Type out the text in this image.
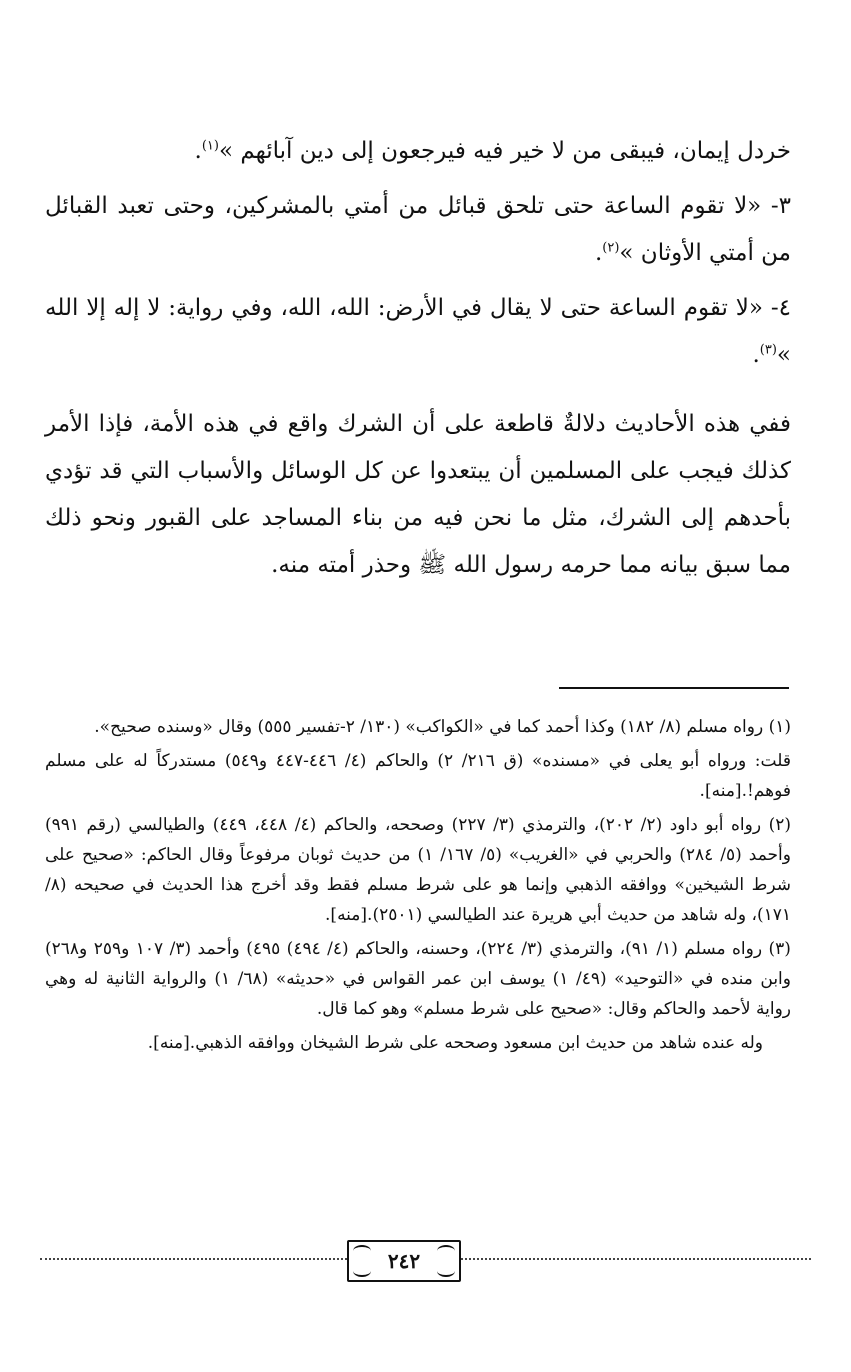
خردل إيمان، فيبقى من لا خير فيه فيرجعون إلى دين آبائهم »$^{(١)}$.

٣- «لا تقوم الساعة حتى تلحق قبائل من أمتي بالمشركين، وحتى تعبد القبائل من أمتي الأوثان »$^{(٢)}$.

٤- «لا تقوم الساعة حتى لا يقال في الأرض: الله، الله، وفي رواية: لا إله إلا الله »$^{(٣)}$.

ففي هذه الأحاديث دلالةٌ قاطعة على أن الشرك واقع في هذه الأمة، فإذا الأمر كذلك فيجب على المسلمين أن يبتعدوا عن كل الوسائل والأسباب التي قد تؤدي بأحدهم إلى الشرك، مثل ما نحن فيه من بناء المساجد على القبور ونحو ذلك مما سبق بيانه مما حرمه رسول الله ﷺ وحذر أمته منه.

(١) رواه مسلم (٨/ ١٨٢) وكذا أحمد كما في «الكواكب» (١٣٠/ ٢-تفسير ٥٥٥) وقال «وسنده صحيح».

قلت: ورواه أبو يعلى في «مسنده» (ق ٢١٦/ ٢) والحاكم (٤/ ٤٤٦-٤٤٧ و٥٤٩) مستدركاً له على مسلم فوهم!.[منه].

(٢) رواه أبو داود (٢/ ٢٠٢)، والترمذي (٣/ ٢٢٧) وصححه، والحاكم (٤/ ٤٤٨، ٤٤٩) والطيالسي (رقم ٩٩١) وأحمد (٥/ ٢٨٤) والحربي في «الغريب» (٥/ ١٦٧/ ١) من حديث ثوبان مرفوعاً وقال الحاكم: «صحيح على شرط الشيخين» ووافقه الذهبي وإنما هو على شرط مسلم فقط وقد أخرج هذا الحديث في صحيحه (٨/ ١٧١)، وله شاهد من حديث أبي هريرة عند الطيالسي (٢٥٠١).[منه].

(٣) رواه مسلم (١/ ٩١)، والترمذي (٣/ ٢٢٤)، وحسنه، والحاكم (٤/ ٤٩٤) ٤٩٥) وأحمد (٣/ ١٠٧ و٢٥٩ و٢٦٨) وابن منده في «التوحيد» (٤٩/ ١) يوسف ابن عمر القواس في «حديثه» (٦٨/ ١) والرواية الثانية له وهي رواية لأحمد والحاكم وقال: «صحيح على شرط مسلم» وهو كما قال.

وله عنده شاهد من حديث ابن مسعود وصححه على شرط الشيخان ووافقه الذهبي.[منه].

٢٤٢
